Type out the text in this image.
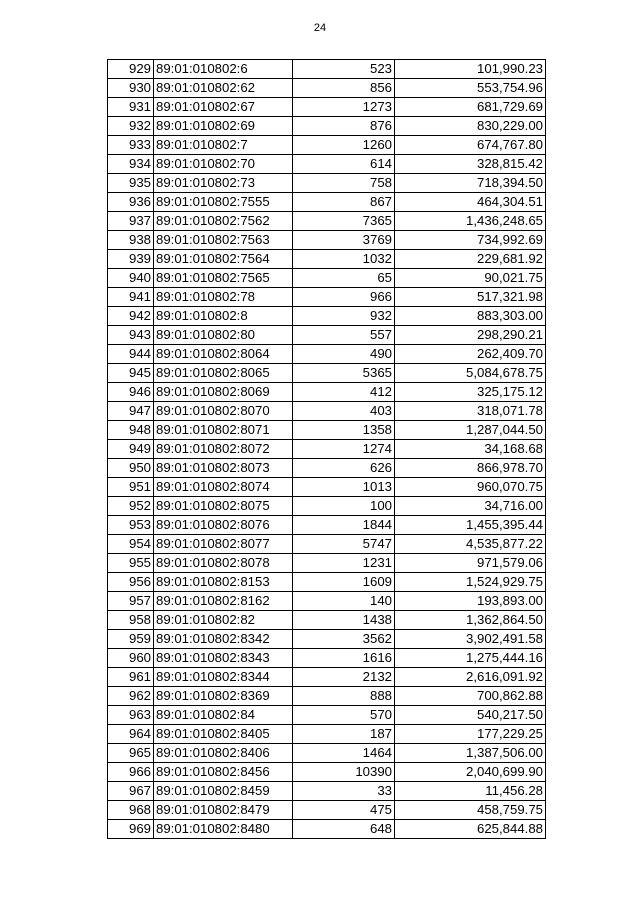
24
929	89:01:010802:6	523	101,990.23
930	89:01:010802:62	856	553,754.96
931	89:01:010802:67	1273	681,729.69
932	89:01:010802:69	876	830,229.00
933	89:01:010802:7	1260	674,767.80
934	89:01:010802:70	614	328,815.42
935	89:01:010802:73	758	718,394.50
936	89:01:010802:7555	867	464,304.51
937	89:01:010802:7562	7365	1,436,248.65
938	89:01:010802:7563	3769	734,992.69
939	89:01:010802:7564	1032	229,681.92
940	89:01:010802:7565	65	90,021.75
941	89:01:010802:78	966	517,321.98
942	89:01:010802:8	932	883,303.00
943	89:01:010802:80	557	298,290.21
944	89:01:010802:8064	490	262,409.70
945	89:01:010802:8065	5365	5,084,678.75
946	89:01:010802:8069	412	325,175.12
947	89:01:010802:8070	403	318,071.78
948	89:01:010802:8071	1358	1,287,044.50
949	89:01:010802:8072	1274	34,168.68
950	89:01:010802:8073	626	866,978.70
951	89:01:010802:8074	1013	960,070.75
952	89:01:010802:8075	100	34,716.00
953	89:01:010802:8076	1844	1,455,395.44
954	89:01:010802:8077	5747	4,535,877.22
955	89:01:010802:8078	1231	971,579.06
956	89:01:010802:8153	1609	1,524,929.75
957	89:01:010802:8162	140	193,893.00
958	89:01:010802:82	1438	1,362,864.50
959	89:01:010802:8342	3562	3,902,491.58
960	89:01:010802:8343	1616	1,275,444.16
961	89:01:010802:8344	2132	2,616,091.92
962	89:01:010802:8369	888	700,862.88
963	89:01:010802:84	570	540,217.50
964	89:01:010802:8405	187	177,229.25
965	89:01:010802:8406	1464	1,387,506.00
966	89:01:010802:8456	10390	2,040,699.90
967	89:01:010802:8459	33	11,456.28
968	89:01:010802:8479	475	458,759.75
969	89:01:010802:8480	648	625,844.88
